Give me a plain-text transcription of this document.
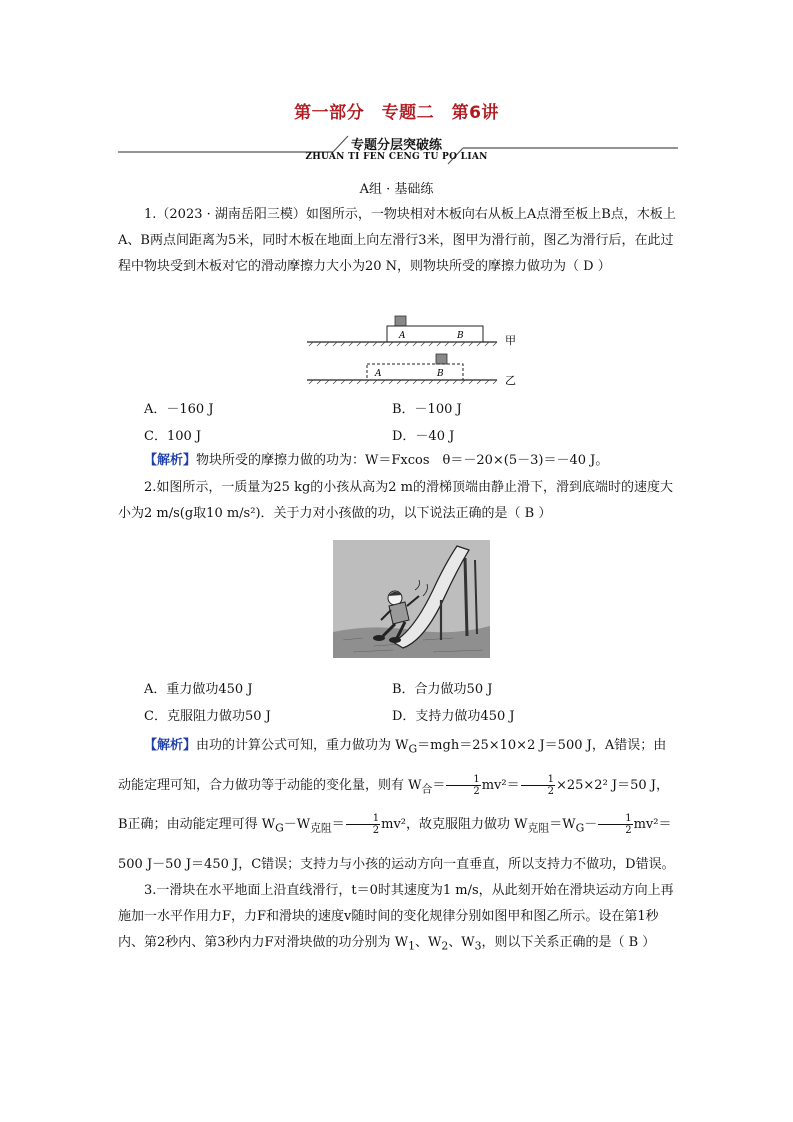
第一部分　专题二　第6讲
专题分层突破练
ZHUAN TI FEN CENG TU PO LIAN
A组 · 基础练
1.（2023 · 湖南岳阳三模）如图所示，一物块相对木板向右从板上A点滑至板上B点，木板上A、B两点间距离为5米，同时木板在地面上向左滑行3米，图甲为滑行前，图乙为滑行后，在此过程中物块受到木板对它的滑动摩擦力大小为20 N，则物块所受的摩擦力做功为（ D ）
A	B	甲
A	B	乙
A．－160 J	B．－100 J
C．100 J	D．－40 J
【解析】物块所受的摩擦力做的功为：W＝Fxcos　θ＝－20×(5－3)＝－40 J。
2.如图所示，一质量为25 kg的小孩从高为2 m的滑梯顶端由静止滑下，滑到底端时的速度大小为2 m/s(g取10 m/s²)．关于力对小孩做的功，以下说法正确的是（ B ）
A．重力做功450 J	B．合力做功50 J
C．克服阻力做功50 J	D．支持力做功450 J
【解析】由功的计算公式可知，重力做功为 $W_G=mgh=25\times 10\times 2$ J＝500 J，A错误；由动能定理可知，合力做功等于动能的变化量，则有 $W_合= \frac{1}{2} mv^2= \frac{1}{2} \times 25\times 2^2$ J＝50 J，B正确；由动能定理可得 $W_G-W_{克阻}= \frac{1}{2} mv^2$，故克服阻力做功 $W_{克阻}=W_G- \frac{1}{2} mv^2=500$ J－50 J＝450 J，C错误；支持力与小孩的运动方向一直垂直，所以支持力不做功，D错误。
3.一滑块在水平地面上沿直线滑行，t＝0时其速度为1 m/s，从此刻开始在滑块运动方向上再施加一水平作用力F，力F和滑块的速度v随时间的变化规律分别如图甲和图乙所示。设在第1秒内、第2秒内、第3秒内力F对滑块做的功分别为 $W_1$、$W_2$、$W_3$，则以下关系正确的是（ B ）
